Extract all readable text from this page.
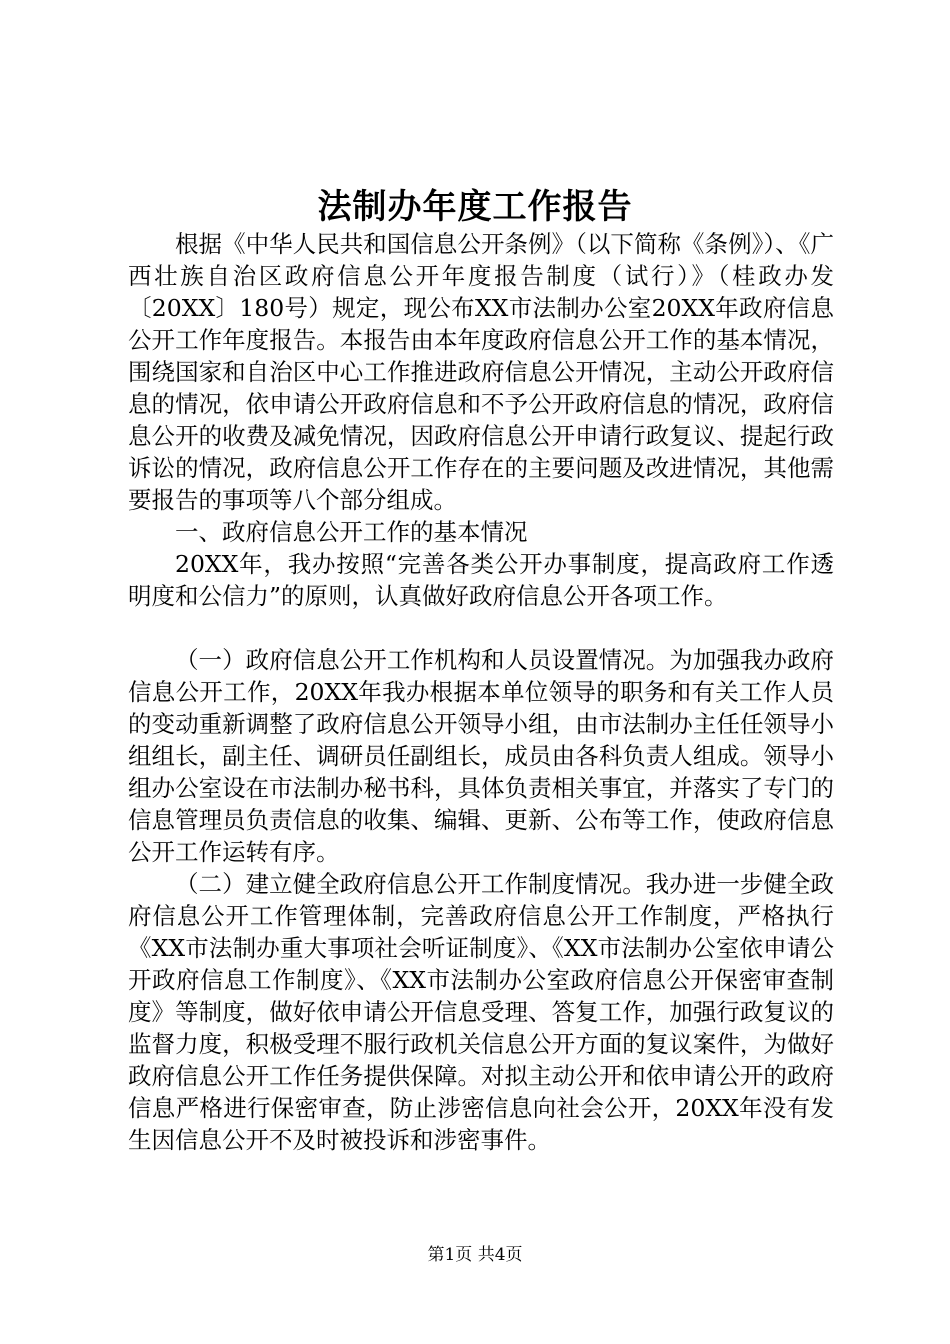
法制办年度工作报告

根据《中华人民共和国信息公开条例》（以下简称《条例》）、《广西壮族自治区政府信息公开年度报告制度（试行）》（桂政办发〔20XX〕180号）规定，现公布XX市法制办公室20XX年政府信息公开工作年度报告。本报告由本年度政府信息公开工作的基本情况，围绕国家和自治区中心工作推进政府信息公开情况，主动公开政府信息的情况，依申请公开政府信息和不予公开政府信息的情况，政府信息公开的收费及减免情况，因政府信息公开申请行政复议、提起行政诉讼的情况，政府信息公开工作存在的主要问题及改进情况，其他需要报告的事项等八个部分组成。

一、政府信息公开工作的基本情况

20XX年，我办按照“完善各类公开办事制度，提高政府工作透明度和公信力”的原则，认真做好政府信息公开各项工作。

（一）政府信息公开工作机构和人员设置情况。为加强我办政府信息公开工作，20XX年我办根据本单位领导的职务和有关工作人员的变动重新调整了政府信息公开领导小组，由市法制办主任任领导小组组长，副主任、调研员任副组长，成员由各科负责人组成。领导小组办公室设在市法制办秘书科，具体负责相关事宜，并落实了专门的信息管理员负责信息的收集、编辑、更新、公布等工作，使政府信息公开工作运转有序。

（二）建立健全政府信息公开工作制度情况。我办进一步健全政府信息公开工作管理体制，完善政府信息公开工作制度，严格执行《XX市法制办重大事项社会听证制度》、《XX市法制办公室依申请公开政府信息工作制度》、《XX市法制办公室政府信息公开保密审查制度》等制度，做好依申请公开信息受理、答复工作，加强行政复议的监督力度，积极受理不服行政机关信息公开方面的复议案件，为做好政府信息公开工作任务提供保障。对拟主动公开和依申请公开的政府信息严格进行保密审查，防止涉密信息向社会公开，20XX年没有发生因信息公开不及时被投诉和涉密事件。

第1页 共4页
